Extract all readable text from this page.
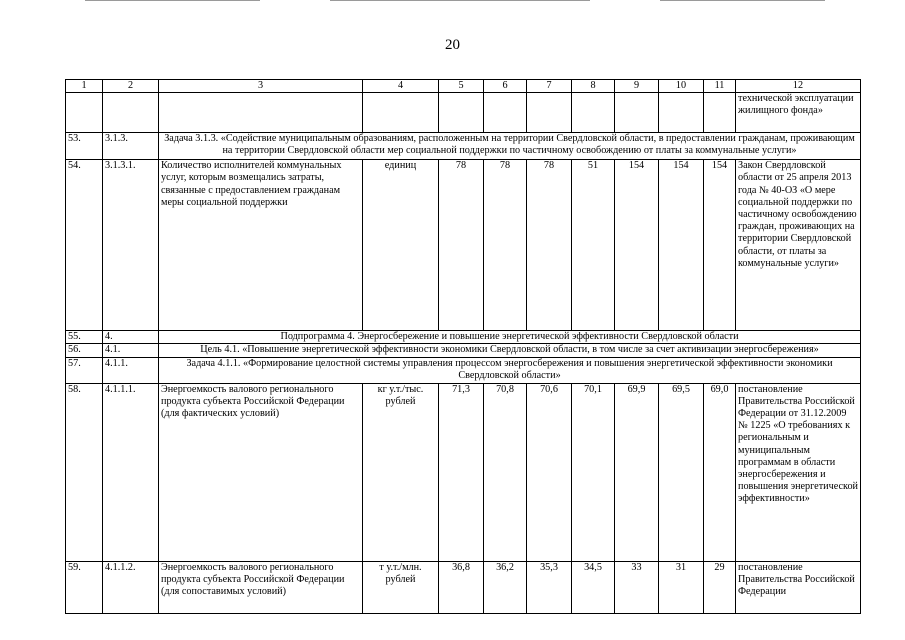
20
1	2	3	4	5	6	7	8	9	10	11	12
											технической эксплуатации жилищного фонда»
53.	3.1.3.	Задача 3.1.3. «Содействие муниципальным образованиям, расположенным на территории Свердловской области, в предоставлении гражданам, проживающим на территории Свердловской области мер социальной поддержки по частичному освобождению от платы за коммунальные услуги»									
54.	3.1.3.1.	Количество исполнителей коммунальных услуг, которым возмещались затраты, связанные с предоставлением гражданам меры социальной поддержки	единиц	78	78	78	51	154	154	154	Закон Свердловской области от 25 апреля 2013 года № 40-ОЗ «О мере социальной поддержки по частичному освобождению граждан, проживающих на территории Свердловской области, от платы за коммунальные услуги»
55.	4.	Подпрограмма 4. Энергосбережение и повышение энергетической эффективности Свердловской области									
56.	4.1.	Цель 4.1. «Повышение энергетической эффективности экономики Свердловской области, в том числе за счет активизации энергосбережения»									
57.	4.1.1.	Задача 4.1.1. «Формирование целостной системы управления процессом энергосбережения и повышения энергетической эффективности экономики Свердловской области»									
58.	4.1.1.1.	Энергоемкость валового регионального продукта субъекта Российской Федерации (для фактических условий)	кг у.т./тыс. рублей	71,3	70,8	70,6	70,1	69,9	69,5	69,0	постановление Правительства Российской Федерации от 31.12.2009 № 1225 «О требованиях к региональным и муниципальным программам в области энергосбережения и повышения энергетической эффективности»
59.	4.1.1.2.	Энергоемкость валового регионального продукта субъекта Российской Федерации (для сопоставимых условий)	т у.т./млн. рублей	36,8	36,2	35,3	34,5	33	31	29	постановление Правительства Российской Федерации
